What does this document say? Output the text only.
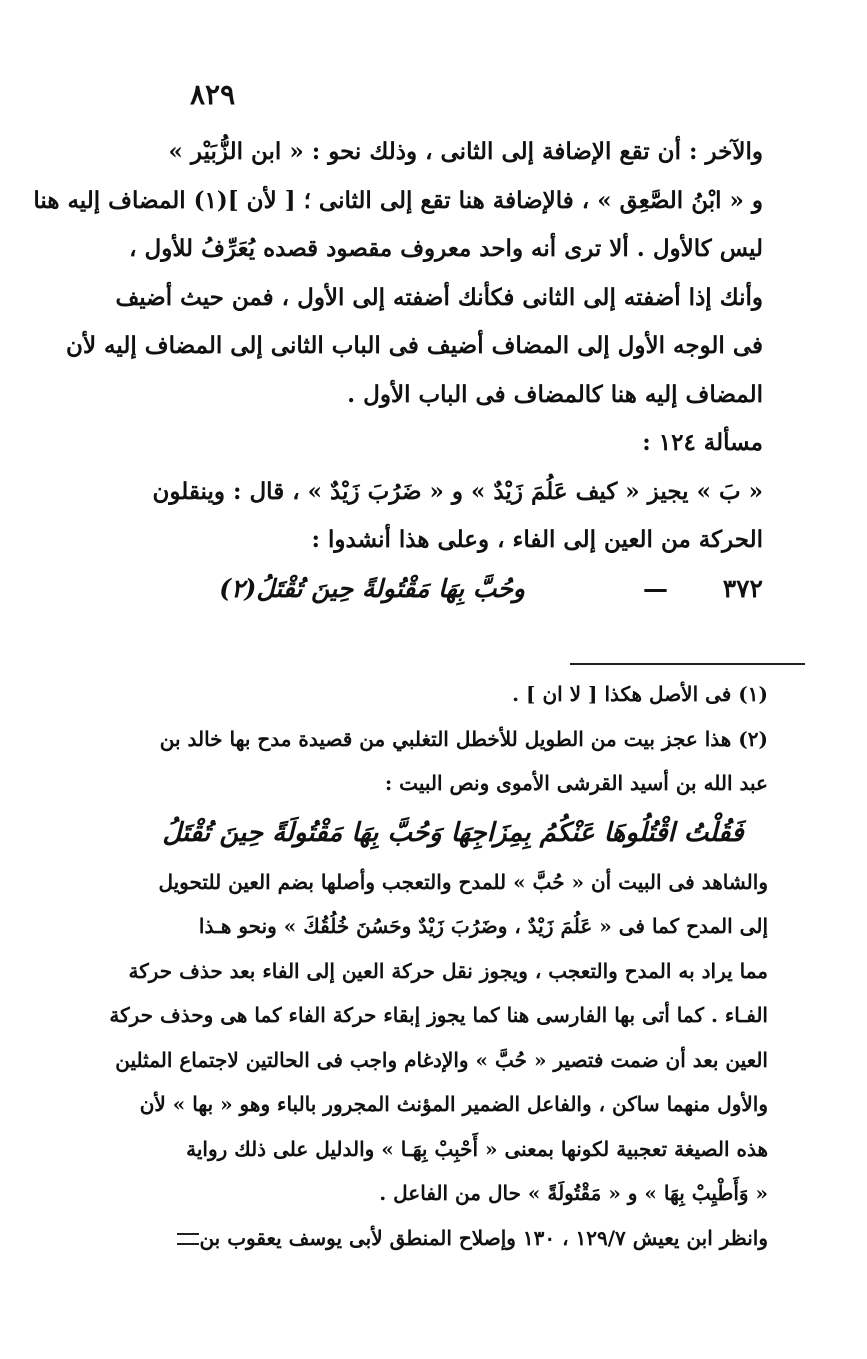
٨٢٩
والآخر : أن تقع الإضافة إلى الثانى ، وذلك نحو : « ابن الزُّبَيْر »
و « ابْنُ الصَّعِق » ، فالإضافة هنا تقع إلى الثانى ؛ [ لأن ](١) المضاف إليه هنا
ليس كالأول . ألا ترى أنه واحد معروف مقصود قصده يُعَرِّفُ للأول ،
وأنك إذا أضفته إلى الثانى فكأنك أضفته إلى الأول ، فمن حيث أضيف
فى الوجه الأول إلى المضاف أضيف فى الباب الثانى إلى المضاف إليه لأن
المضاف إليه هنا كالمضاف فى الباب الأول .
مسألة ١٢٤ :
« بَ » يجيز « كيف عَلُمَ زَيْدٌ » و « ضَرُبَ زَيْدٌ » ، قال : وينقلون
الحركة من العين إلى الفاء ، وعلى هذا أنشدوا :
٣٧٢
—
وحُبَّ بِهَا مَقْتُولةً حِينَ تُقْتَلُ(٢)
(١) فى الأصل هكذا [ لا ان ] .
(٢) هذا عجز بيت من الطويل للأخطل التغلبي من قصيدة مدح بها خالد بن
عبد الله بن أسيد القرشى الأموى ونص البيت :
فَقُلْتُ اقْتُلُوهَا عَنْكُمُ بِمِزَاجِهَا وَحُبَّ بِهَا مَقْتُولَةً حِينَ تُقْتَلُ
والشاهد فى البيت أن « حُبَّ » للمدح والتعجب وأصلها بضم العين للتحويل
إلى المدح كما فى « عَلُمَ زَيْدٌ ، وضَرُبَ زَيْدٌ وحَسُنَ خُلُقُكَ » ونحو هـذا
مما يراد به المدح والتعجب ، ويجوز نقل حركة العين إلى الفاء بعد حذف حركة
الفـاء . كما أتى بها الفارسى هنا كما يجوز إبقاء حركة الفاء كما هى وحذف حركة
العين بعد أن ضمت فتصير « حُبَّ » والإدغام واجب فى الحالتين لاجتماع المثلين
والأول منهما ساكن ، والفاعل الضمير المؤنث المجرور بالباء وهو « بها » لأن
هذه الصيغة تعجبية لكونها بمعنى « أَحْبِبْ بِهَـا » والدليل على ذلك رواية
« وَأَطْيِبْ بِهَا » و « مَقْتُولَةً » حال من الفاعل .
وانظر ابن يعيش ١٢٩/٧ ، ١٣٠ وإصلاح المنطق لأبى يوسف يعقوب بن
